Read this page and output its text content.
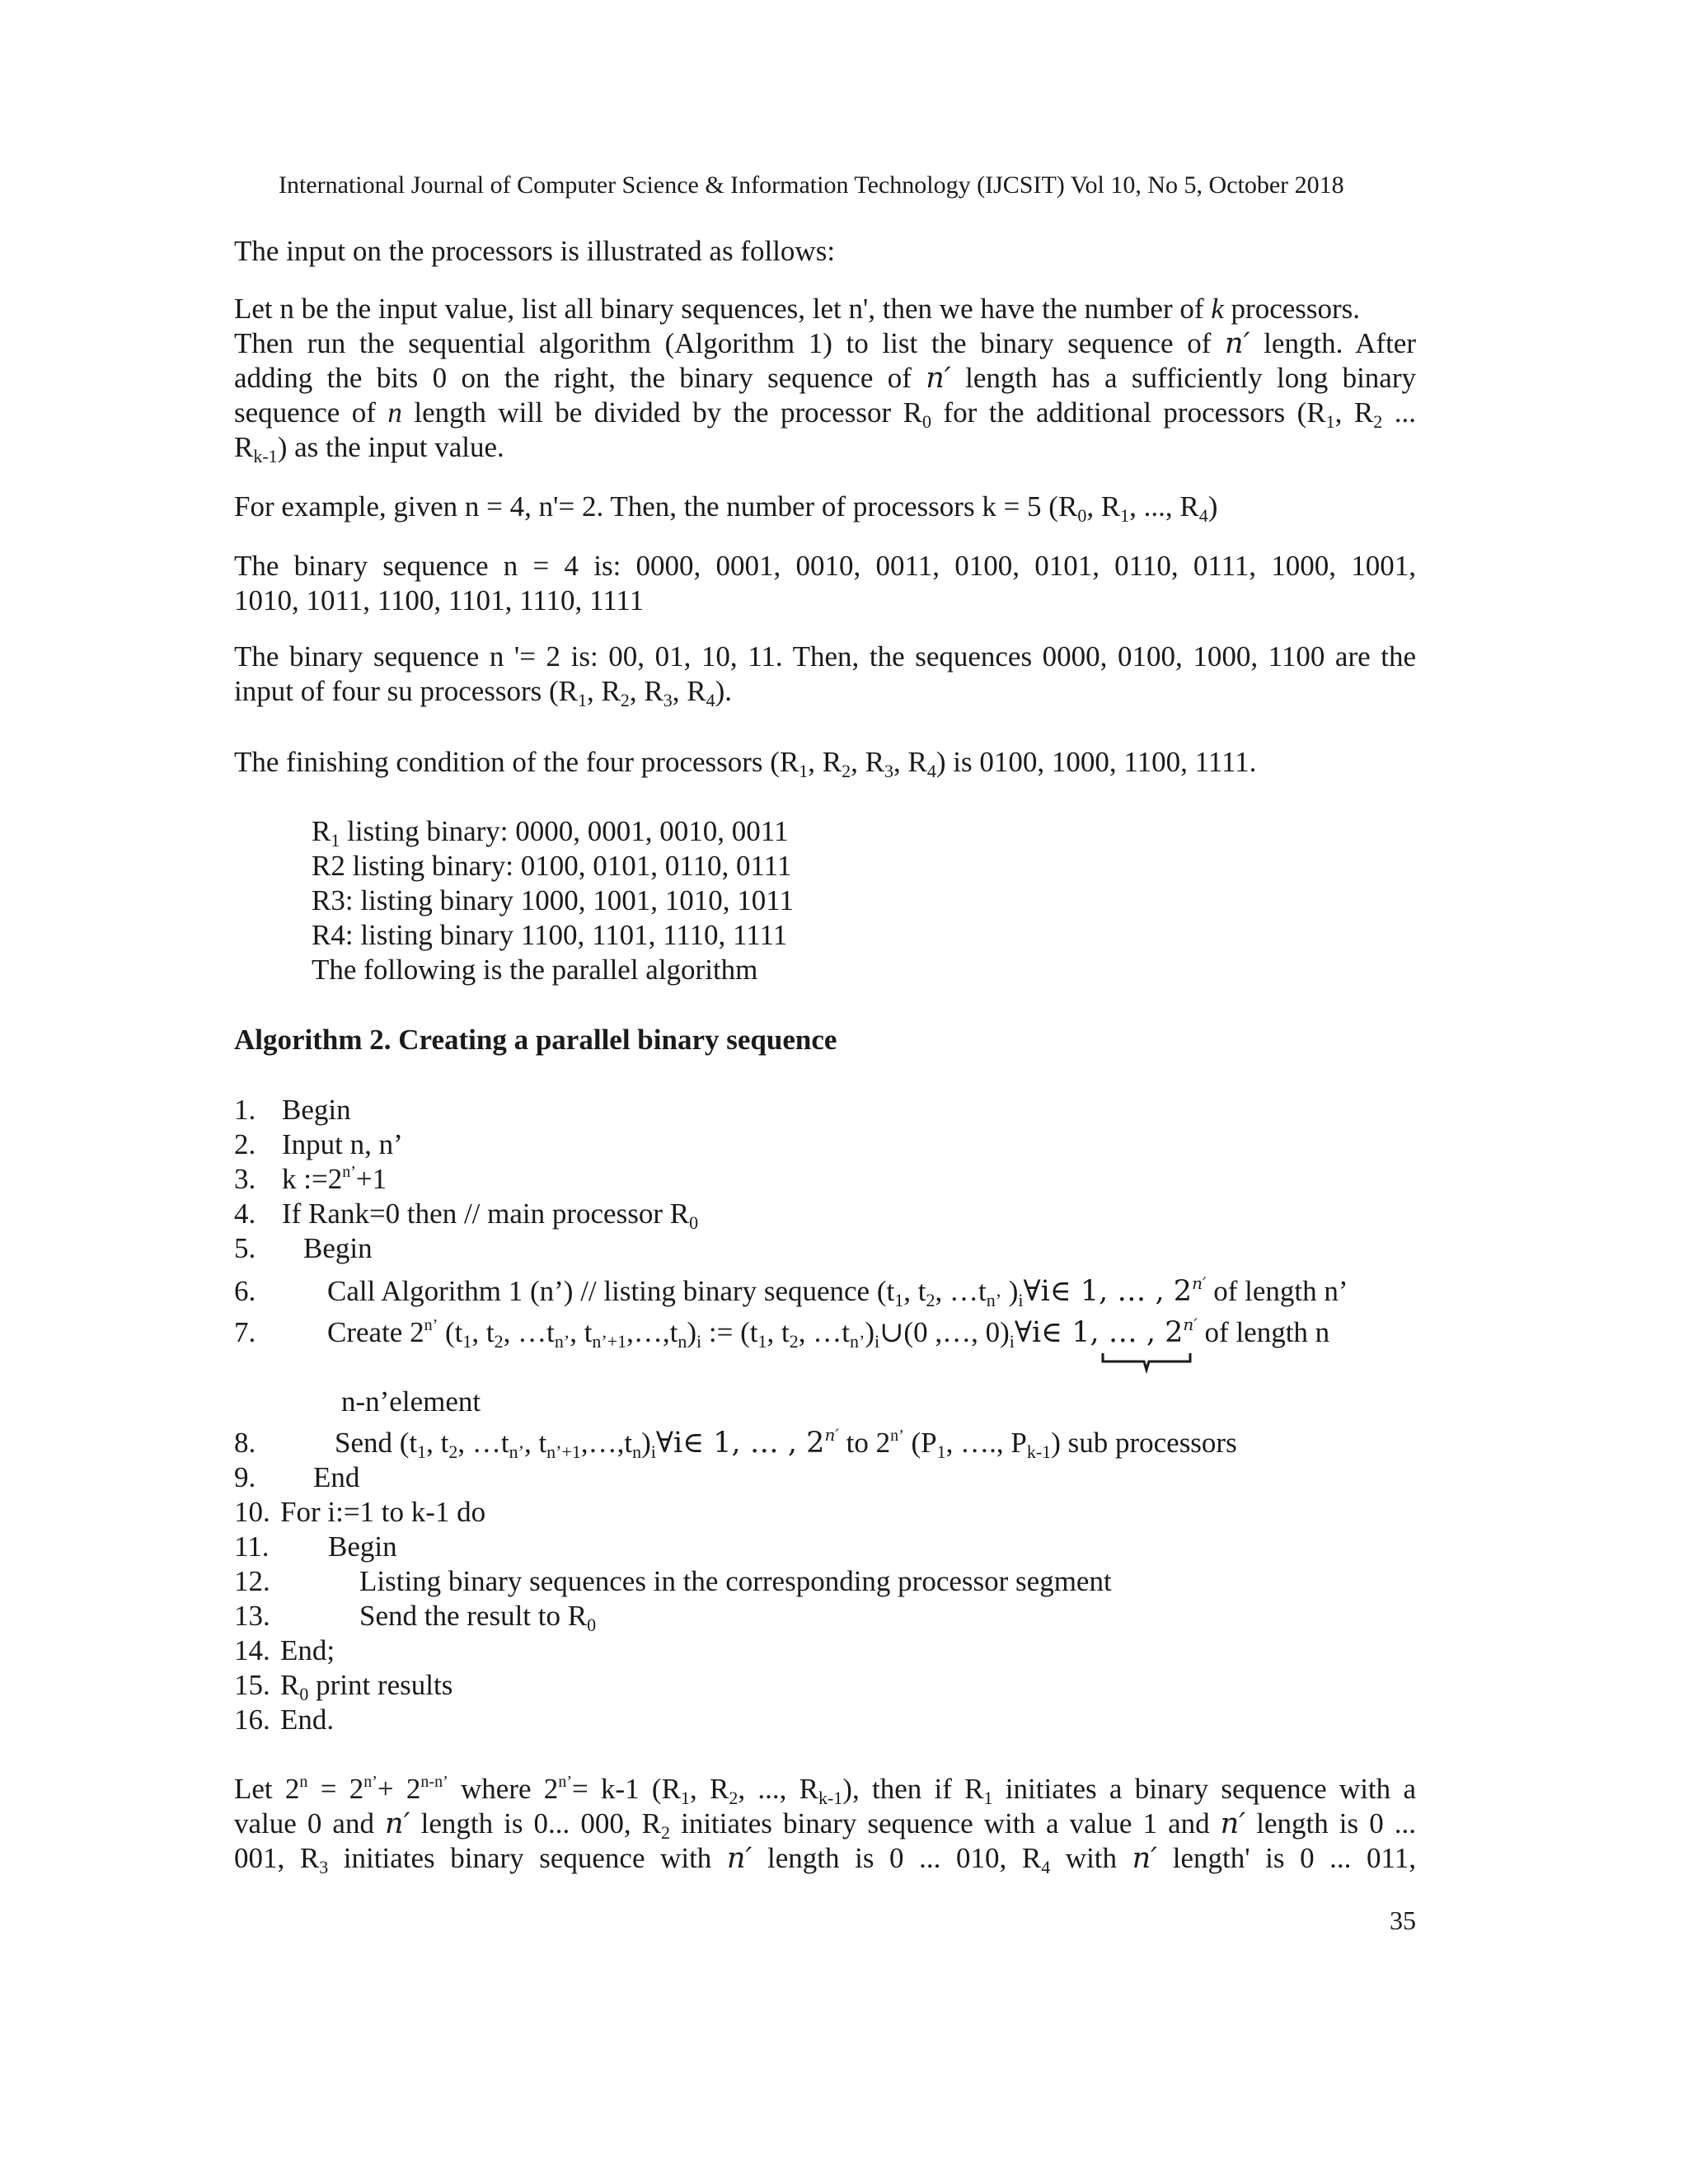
International Journal of Computer Science & Information Technology (IJCSIT) Vol 10, No 5, October 2018
The input on the processors is illustrated as follows:
Let n be the input value, list all binary sequences, let n', then we have the number of k processors.
Then run the sequential algorithm (Algorithm 1) to list the binary sequence of n′ length. After
adding the bits 0 on the right, the binary sequence of n′ length has a sufficiently long binary
sequence of n length will be divided by the processor $R_0$ for the additional processors ($R_1$, $R_2$ ...
$R_{k-1}$) as the input value.
For example, given n = 4, n'= 2. Then, the number of processors k = 5 ($R_0$, $R_1$, ..., $R_4$)
The binary sequence n = 4 is: 0000, 0001, 0010, 0011, 0100, 0101, 0110, 0111, 1000, 1001,
1010, 1011, 1100, 1101, 1110, 1111
The binary sequence n '= 2 is: 00, 01, 10, 11. Then, the sequences 0000, 0100, 1000, 1100 are the
input of four su processors ($R_1$, $R_2$, $R_3$, $R_4$).
The finishing condition of the four processors ($R_1$, $R_2$, $R_3$, $R_4$) is 0100, 1000, 1100, 1111.
$R_1$ listing binary: 0000, 0001, 0010, 0011
R2 listing binary: 0100, 0101, 0110, 0111
R3: listing binary 1000, 1001, 1010, 1011
R4: listing binary 1100, 1101, 1110, 1111
The following is the parallel algorithm
Algorithm 2. Creating a parallel binary sequence
1. Begin
2. Input n, n’
3. k $:=2^{n’}+1$
4. If Rank=0 then // main processor $R_0$
5. Begin
6. Call Algorithm 1 (n’) // listing binary sequence ($t_1$, $t_2$, $\dots t_{n’}$ )$_i\forall i\in$ 1, … , $2^{n'}$ of length n’
7. Create $2^{n’}$ ($t_1$, $t_2$, $\dots t_{n’}$, $t_{n’+1},\dots,t_n)_i$ := ($t_1$, $t_2$, $\dots t_{n’})_i\cup(0$ ,…, $0)_i\forall i\in$ 1, … , $2^{n'}$ of length n
n-n’element
8.	Send ($t_1$, $t_2$, $\dots t_{n’}$, $t_{n’+1},\dots,t_n)_i\forall i\in$ 1, … , $2^{n'}$ to $2^{n’}$ ($P_1$, …., $P_{k-1}$) sub processors
9. End
10. For i:=1 to k-1 do
11. Begin
12.	Listing binary sequences in the corresponding processor segment
13.	Send the result to $R_0$
14. End;
15. $R_0$ print results
16. End.
Let $2^n = 2^{n’}+ 2^{n-n’}$ where $2^{n’}= k-1$ ($R_1$, $R_2$, ..., $R_{k-1}$), then if $R_1$ initiates a binary sequence with a
value 0 and n′ length is 0... 000, $R_2$ initiates binary sequence with a value 1 and n′ length is 0 ...
001, $R_3$ initiates binary sequence with n′ length is 0 ... 010, $R_4$ with n′ length' is 0 ... 011,
35
